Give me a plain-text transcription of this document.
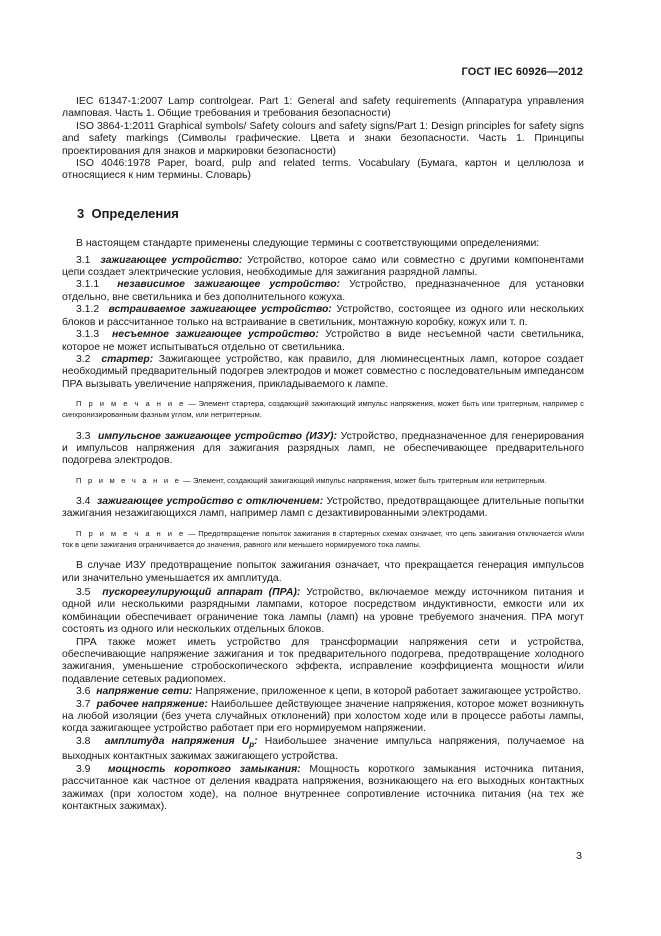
ГОСТ IEC 60926—2012

IEC 61347-1:2007 Lamp controlgear. Part 1: General and safety requirements (Аппаратура управления ламповая. Часть 1. Общие требования и требования безопасности)

ISO 3864-1:2011 Graphical symbols/ Safety colours and safety signs/Part 1: Design principles for safety signs and safety markings (Символы графические. Цвета и знаки безопасности. Часть 1. Принципы проектирования для знаков и маркировки безопасности)

ISO 4046:1978 Paper, board, pulp and related terms. Vocabulary (Бумага, картон и целлюлоза и относящиеся к ним термины. Словарь)

3 Определения

В настоящем стандарте применены следующие термины с соответствующими определениями:

3.1 зажигающее устройство: Устройство, которое само или совместно с другими компонентами цепи создает электрические условия, необходимые для зажигания разрядной лампы.

3.1.1 независимое зажигающее устройство: Устройство, предназначенное для установки отдельно, вне светильника и без дополнительного кожуха.

3.1.2 встраиваемое зажигающее устройство: Устройство, состоящее из одного или нескольких блоков и рассчитанное только на встраивание в светильник, монтажную коробку, кожух или т. п.

3.1.3 несъемное зажигающее устройство: Устройство в виде несъемной части светильника, которое не может испытываться отдельно от светильника.

3.2 стартер: Зажигающее устройство, как правило, для люминесцентных ламп, которое создает необходимый предварительный подогрев электродов и может совместно с последовательным импедансом ПРА вызывать увеличение напряжения, прикладываемого к лампе.

П р и м е ч а н и е — Элемент стартера, создающий зажигающий импульс напряжения, может быть или триггерным, например с синхронизированным фазным углом, или нетриггерным.

3.3 импульсное зажигающее устройство (ИЗУ): Устройство, предназначенное для генерирования и импульсов напряжения для зажигания разрядных ламп, не обеспечивающее предварительного подогрева электродов.

П р и м е ч а н и е — Элемент, создающий зажигающий импульс напряжения, может быть триггерным или нетриггерным.

3.4 зажигающее устройство с отключением: Устройство, предотвращающее длительные попытки зажигания незажигающихся ламп, например ламп с дезактивированными электродами.

П р и м е ч а н и е — Предотвращение попыток зажигания в стартерных схемах означает, что цепь зажигания отключается и/или ток в цепи зажигания ограничивается до значения, равного или меньшего нормируемого тока лампы.

В случае ИЗУ предотвращение попыток зажигания означает, что прекращается генерация импульсов или значительно уменьшается их амплитуда.

3.5 пускорегулирующий аппарат (ПРА): Устройство, включаемое между источником питания и одной или несколькими разрядными лампами, которое посредством индуктивности, емкости или их комбинации обеспечивает ограничение тока лампы (ламп) на уровне требуемого значения. ПРА могут состоять из одного или нескольких отдельных блоков.

ПРА также может иметь устройство для трансформации напряжения сети и устройства, обеспечивающие напряжение зажигания и ток предварительного подогрева, предотвращение холодного зажигания, уменьшение стробоскопического эффекта, исправление коэффициента мощности и/или подавление сетевых радиопомех.

3.6 напряжение сети: Напряжение, приложенное к цепи, в которой работает зажигающее устройство.

3.7 рабочее напряжение: Наибольшее действующее значение напряжения, которое может возникнуть на любой изоляции (без учета случайных отклонений) при холостом ходе или в процессе работы лампы, когда зажигающее устройство работает при его нормируемом напряжении.

3.8 амплитуда напряжения $U_p$: Наибольшее значение импульса напряжения, получаемое на выходных контактных зажимах зажигающего устройства.

3.9 мощность короткого замыкания: Мощность короткого замыкания источника питания, рассчитанное как частное от деления квадрата напряжения, возникающего на его выходных контактных зажимах (при холостом ходе), на полное внутреннее сопротивление источника питания (на тех же контактных зажимах).

3
